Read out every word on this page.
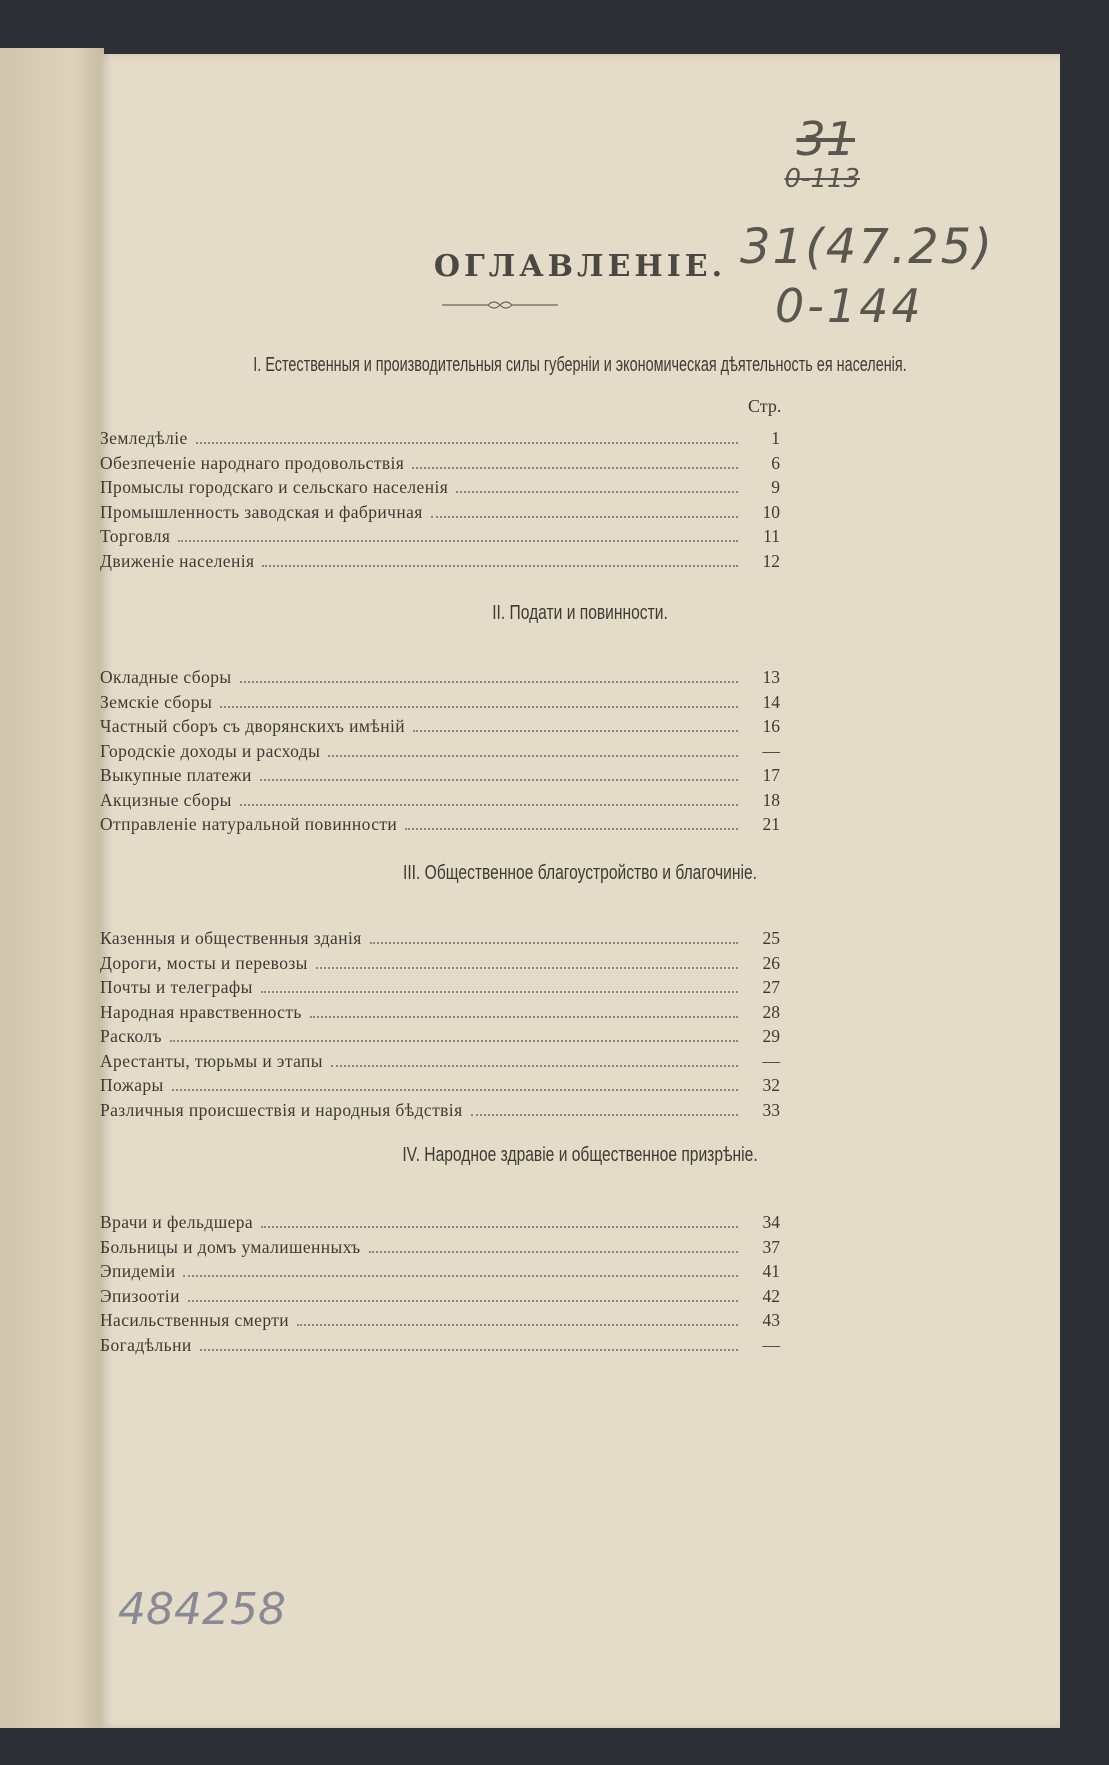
31
0-113
31(47.25)
0-144
484258
ОГЛАВЛЕНІЕ.
I. Естественныя и производительныя силы губерніи и экономическая дѣятельность ея населенія.
Стр.
Земледѣліе	1
Обезпеченіе народнаго продовольствія	6
Промыслы городскаго и сельскаго населенія	9
Промышленность заводская и фабричная	10
Торговля	11
Движеніе населенія	12
II. Подати и повинности.
Окладные сборы	13
Земскіе сборы	14
Частный сборъ съ дворянскихъ имѣній	16
Городскіе доходы и расходы	—
Выкупные платежи	17
Акцизные сборы	18
Отправленіе натуральной повинности	21
III. Общественное благоустройство и благочиніе.
Казенныя и общественныя зданія	25
Дороги, мосты и перевозы	26
Почты и телеграфы	27
Народная нравственность	28
Расколъ	29
Арестанты, тюрьмы и этапы	—
Пожары	32
Различныя происшествія и народныя бѣдствія	33
IV. Народное здравіе и общественное призрѣніе.
Врачи и фельдшера	34
Больницы и домъ умалишенныхъ	37
Эпидеміи	41
Эпизоотіи	42
Насильственныя смерти	43
Богадѣльни	—
